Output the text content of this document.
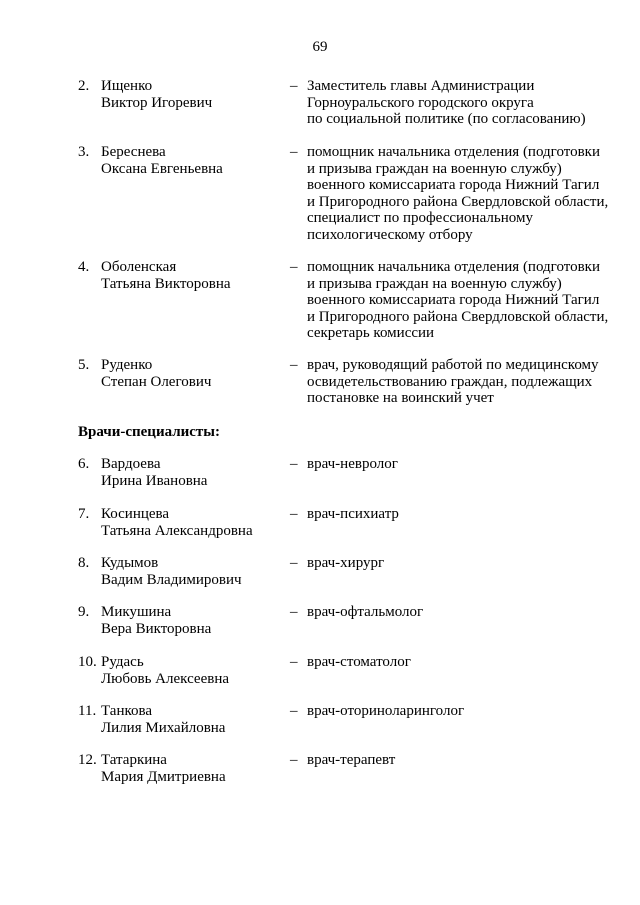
69
2. Ищенко
Виктор Игоревич
– Заместитель главы Администрации
Горноуральского городского округа
по социальной политике (по согласованию)
3. Береснева
Оксана Евгеньевна
– помощник начальника отделения (подготовки
и призыва граждан на военную службу)
военного комиссариата города Нижний Тагил
и Пригородного района Свердловской области,
специалист по профессиональному
психологическому отбору
4. Оболенская
Татьяна Викторовна
– помощник начальника отделения (подготовки
и призыва граждан на военную службу)
военного комиссариата города Нижний Тагил
и Пригородного района Свердловской области,
секретарь комиссии
5. Руденко
Степан Олегович
– врач, руководящий работой по медицинскому
освидетельствованию граждан, подлежащих
постановке на воинский учет
Врачи-специалисты:
6. Вардоева
Ирина Ивановна
– врач-невролог
7. Косинцева
Татьяна Александровна
– врач-психиатр
8. Кудымов
Вадим Владимирович
– врач-хирург
9. Микушина
Вера Викторовна
– врач-офтальмолог
10. Рудась
Любовь Алексеевна
– врач-стоматолог
11. Танкова
Лилия Михайловна
– врач-оториноларинголог
12. Татаркина
Мария Дмитриевна
– врач-терапевт
